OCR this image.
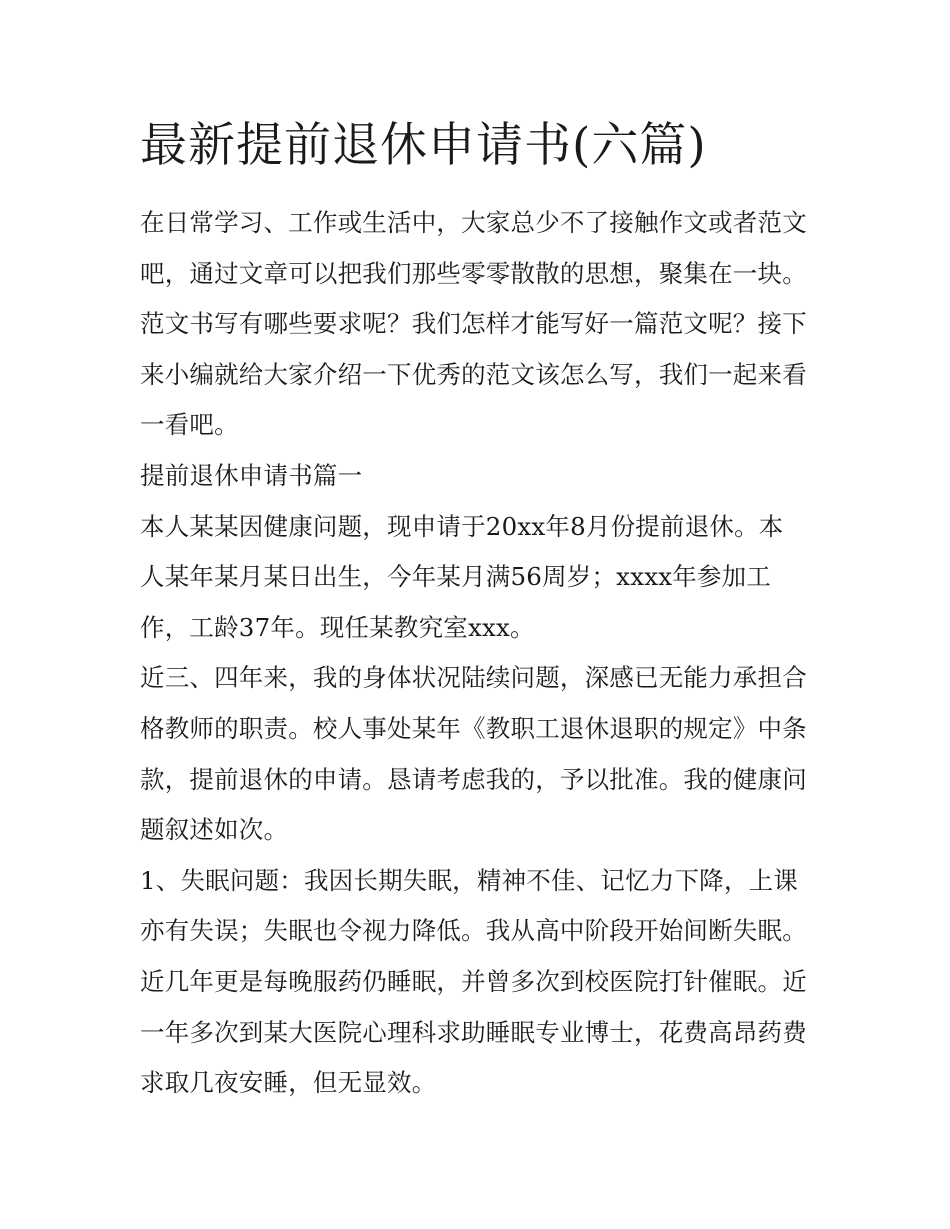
最新提前退休申请书(六篇)
在日常学习、工作或生活中，大家总少不了接触作文或者范文
吧，通过文章可以把我们那些零零散散的思想，聚集在一块。
范文书写有哪些要求呢？我们怎样才能写好一篇范文呢？接下
来小编就给大家介绍一下优秀的范文该怎么写，我们一起来看
一看吧。
提前退休申请书篇一
本人某某因健康问题，现申请于20xx年8月份提前退休。本
人某年某月某日出生，今年某月满56周岁；xxxx年参加工
作，工龄37年。现任某教究室xxx。
近三、四年来，我的身体状况陆续问题，深感已无能力承担合
格教师的职责。校人事处某年《教职工退休退职的规定》中条
款，提前退休的申请。恳请考虑我的，予以批准。我的健康问
题叙述如次。
1、失眠问题：我因长期失眠，精神不佳、记忆力下降，上课
亦有失误；失眠也令视力降低。我从高中阶段开始间断失眠。
近几年更是每晚服药仍睡眠，并曾多次到校医院打针催眠。近
一年多次到某大医院心理科求助睡眠专业博士，花费高昂药费
求取几夜安睡，但无显效。
